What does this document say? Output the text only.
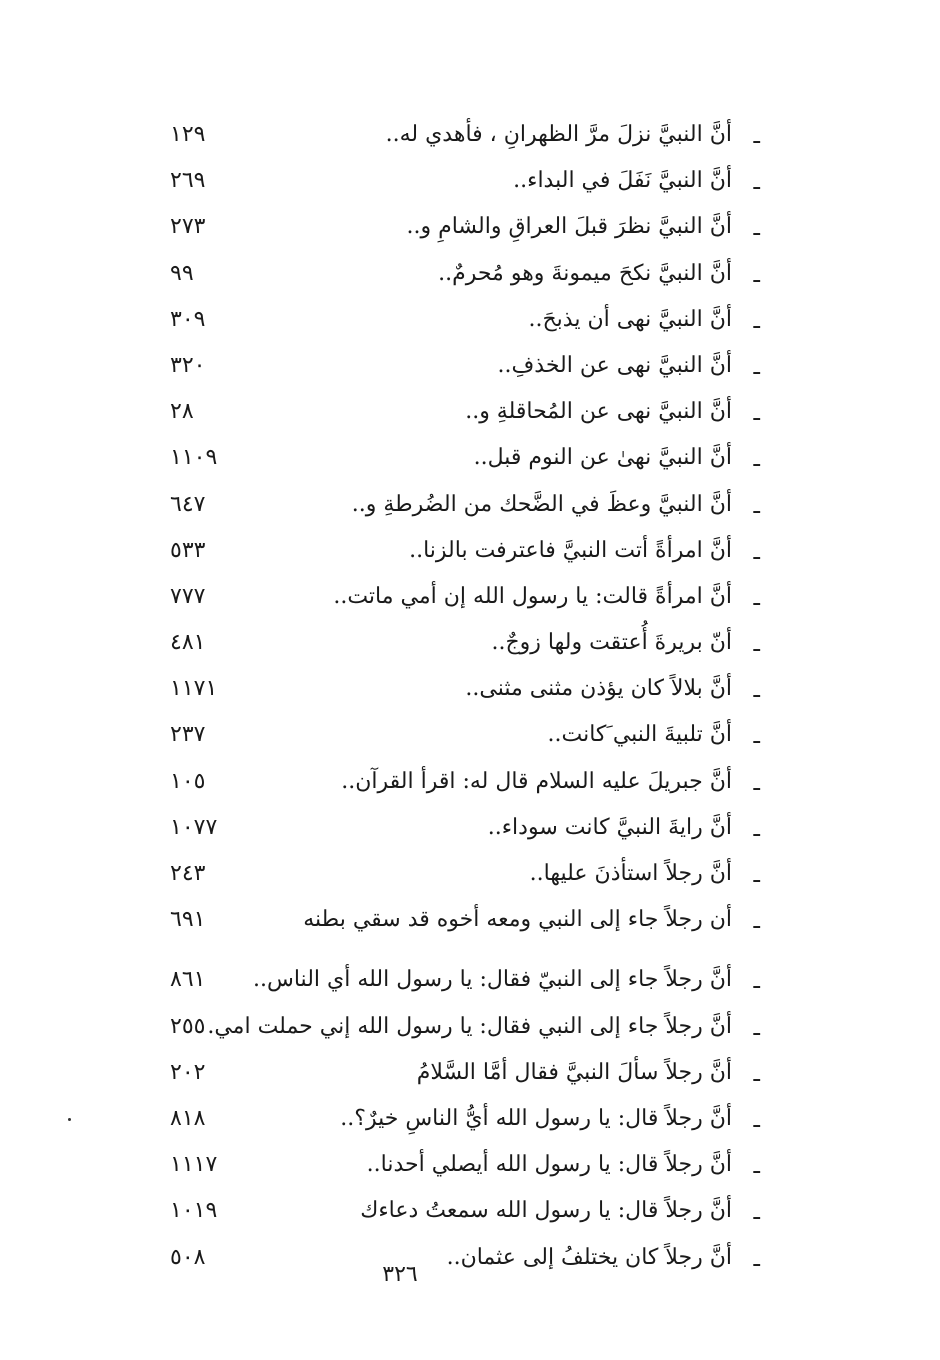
ـ
أنَّ النبيَّ نزلَ مرَّ الظهرانِ ، فأهدي له..
١٢٩
ـ
أنَّ النبيَّ نَفَلَ في البداء..
٢٦٩
ـ
أنَّ النبيَّ نظرَ قبلَ العراقِ والشامِ و..
٢٧٣
ـ
أنَّ النبيَّ نكحَ ميمونةَ وهو مُحرمٌ..
٩٩
ـ
أنَّ النبيَّ نهى أن يذبحَ..
٣٠٩
ـ
أنَّ النبيَّ نهى عن الخذفِ..
٣٢٠
ـ
أنَّ النبيَّ نهى عن المُحاقلةِ و..
٢٨
ـ
أنَّ النبيَّ نهىٰ عن النوم قبل..
١١٠٩
ـ
أنَّ النبيَّ وعظَ في الضَّحك من الضُرطةِ و..
٦٤٧
ـ
أنَّ امرأةً أتت النبيَّ فاعترفت بالزنا..
٥٣٣
ـ
أنَّ امرأةً قالت: يا رسول الله إن أمي ماتت..
٧٧٧
ـ
أنّ بريرةَ أُعتقت ولها زوجٌ..
٤٨١
ـ
أنَّ بلالاً كان يؤذن مثنى مثنى..
١١٧١
ـ
أنَّ تلبيةَ النبي َكانت..
٢٣٧
ـ
أنَّ جبريلَ عليه السلام قال له: اقرأ القرآن..
١٠٥
ـ
أنَّ رايةَ النبيَّ كانت سوداء..
١٠٧٧
ـ
أنَّ رجلاً استأذنَ عليها..
٢٤٣
ـ
أن رجلاً جاء إلى النبي ومعه أخوه قد سقي بطنه
٦٩١
ـ
أنَّ رجلاً جاء إلى النبيّ فقال: يا رسول الله أي الناس..
٨٦١
ـ
أنَّ رجلاً جاء إلى النبي فقال: يا رسول الله إني حملت امي.
٢٥٥
ـ
أنَّ رجلاً سألَ النبيَّ فقال أمَّا السَّلامُ
٢٠٢
ـ
أنَّ رجلاً قال: يا رسول الله أيُّ الناسِ خيرٌ؟..
٨١٨
ـ
أنَّ رجلاً قال: يا رسول الله أيصلي أحدنا..
١١١٧
ـ
أنَّ رجلاً قال: يا رسول الله سمعتُ دعاءك
١٠١٩
ـ
أنَّ رجلاً كان يختلفُ إلى عثمان..
٥٠٨
٣٢٦
